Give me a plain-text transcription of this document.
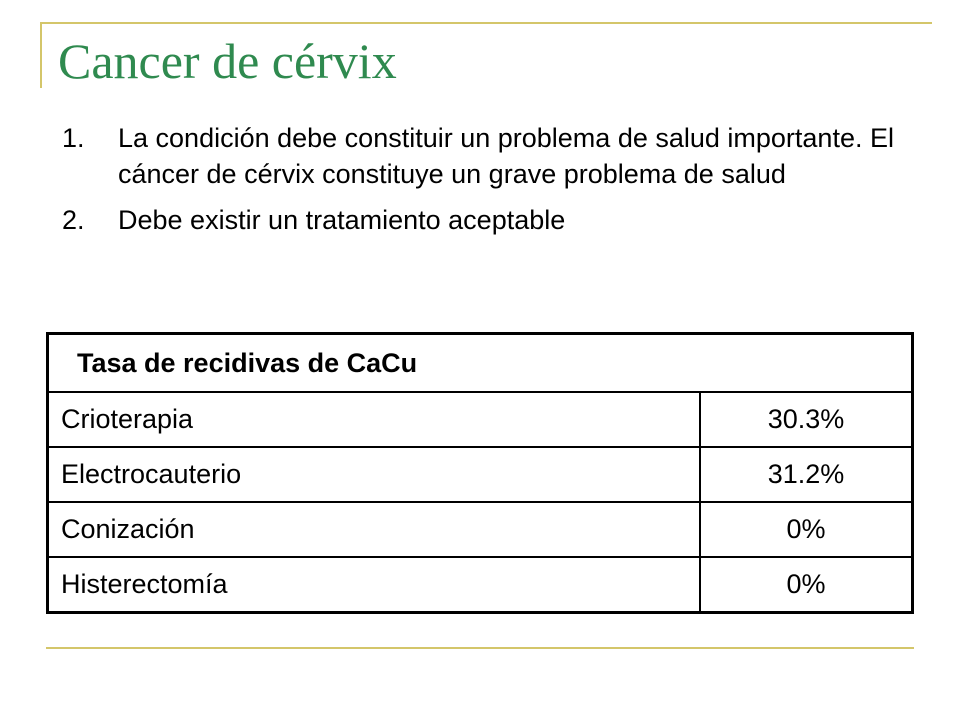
Cancer de cérvix
1.	La condición debe constituir un problema de salud importante. El cáncer de cérvix constituye un grave problema de salud
2.	Debe existir un tratamiento aceptable
Tasa de recidivas de CaCu	
Crioterapia	30.3%
Electrocauterio	31.2%
Conización	0%
Histerectomía	0%
